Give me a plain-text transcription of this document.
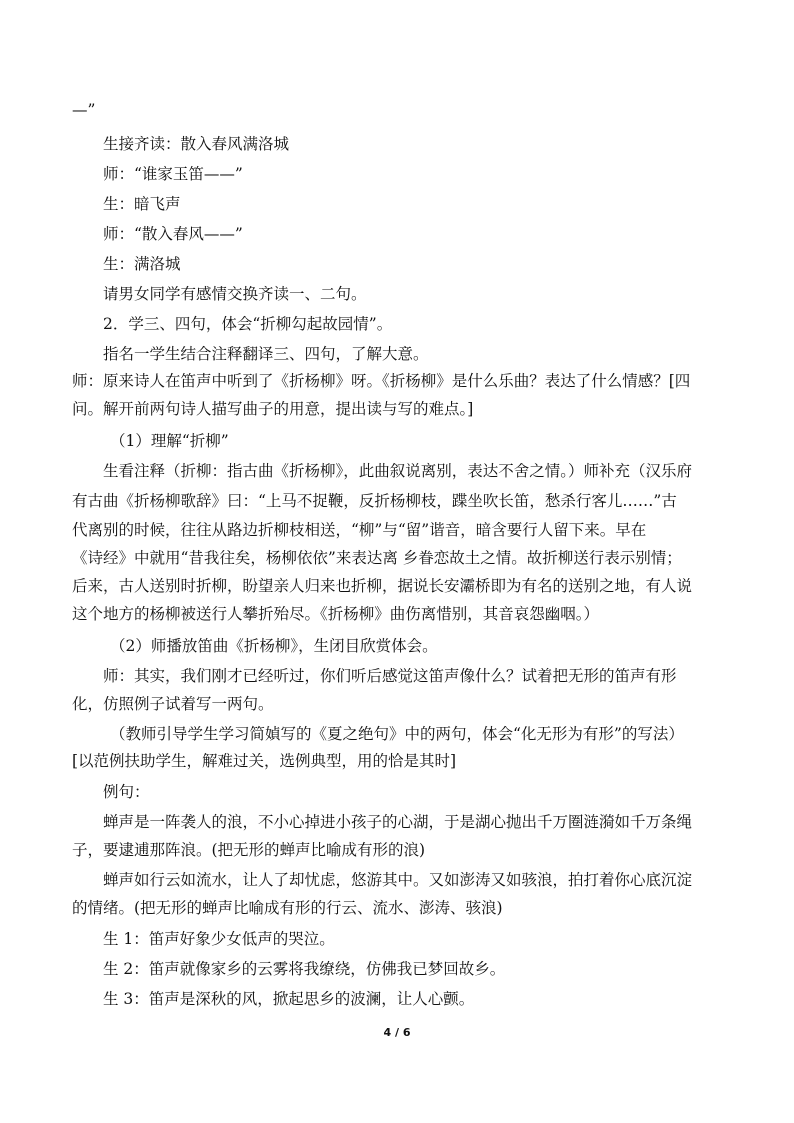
—”
生接齐读：散入春风满洛城
师：“谁家玉笛——”
生：暗飞声
师：“散入春风——”
生：满洛城
请男女同学有感情交换齐读一、二句。
2．学三、四句，体会“折柳勾起故园情”。
指名一学生结合注释翻译三、四句，了解大意。
师：原来诗人在笛声中听到了《折杨柳》呀。《折杨柳》是什么乐曲？表达了什么情感？[四
问。解开前两句诗人描写曲子的用意，提出读与写的难点。]
（1）理解“折柳”
生看注释（折柳：指古曲《折杨柳》，此曲叙说离别，表达不舍之情。）师补充（汉乐府
有古曲《折杨柳歌辞》曰：“上马不捉鞭，反折杨柳枝，蹀坐吹长笛，愁杀行客儿……”古
代离别的时候，往往从路边折柳枝相送，“柳”与“留”谐音，暗含要行人留下来。早在
《诗经》中就用“昔我往矣，杨柳依依”来表达离 乡眷恋故土之情。故折柳送行表示别情；
后来，古人送别时折柳，盼望亲人归来也折柳，据说长安灞桥即为有名的送别之地，有人说
这个地方的杨柳被送行人攀折殆尽。《折杨柳》曲伤离惜别，其音哀怨幽咽。）
（2）师播放笛曲《折杨柳》，生闭目欣赏体会。
师：其实，我们刚才已经听过，你们听后感觉这笛声像什么？试着把无形的笛声有形
化，仿照例子试着写一两句。
（教师引导学生学习简媜写的《夏之绝句》中的两句，体会“化无形为有形”的写法）
[以范例扶助学生，解难过关，选例典型，用的恰是其时]
例句：
蝉声是一阵袭人的浪，不小心掉进小孩子的心湖，于是湖心抛出千万圈涟漪如千万条绳
子，要逮逋那阵浪。(把无形的蝉声比喻成有形的浪)
蝉声如行云如流水，让人了却忧虑，悠游其中。又如澎涛又如骇浪，拍打着你心底沉淀
的情绪。(把无形的蝉声比喻成有形的行云、流水、澎涛、骇浪)
生 1：笛声好象少女低声的哭泣。
生 2：笛声就像家乡的云雾将我缭绕，仿佛我已梦回故乡。
生 3：笛声是深秋的风，掀起思乡的波澜，让人心颤。
4 / 6
